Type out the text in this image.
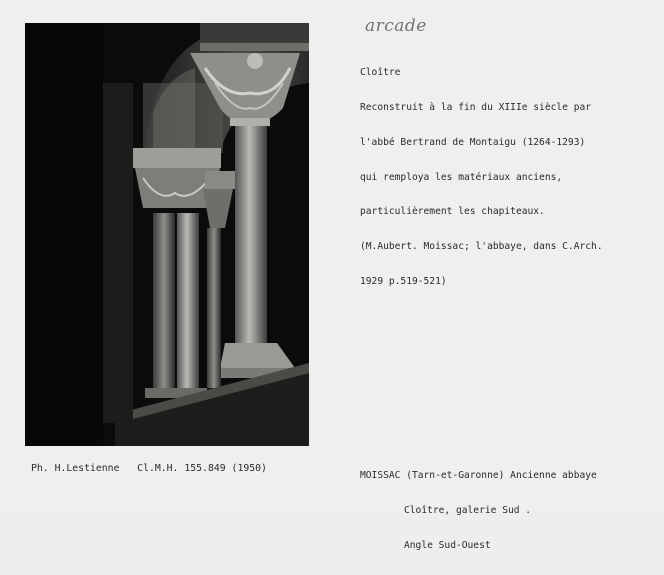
arcade

Cloître

Reconstruit à la fin du XIIIe siècle par

l'abbé Bertrand de Montaigu (1264-1293)

qui remploya les matériaux anciens,

particulièrement les chapiteaux.

(M.Aubert. Moissac; l'abbaye, dans C.Arch.

1929 p.519-521)

Ph. H.Lestienne   Cl.M.H. 155.849 (1950)

MOISSAC (Tarn-et-Garonne) Ancienne abbaye

Cloître, galerie Sud .

Angle Sud-Ouest
